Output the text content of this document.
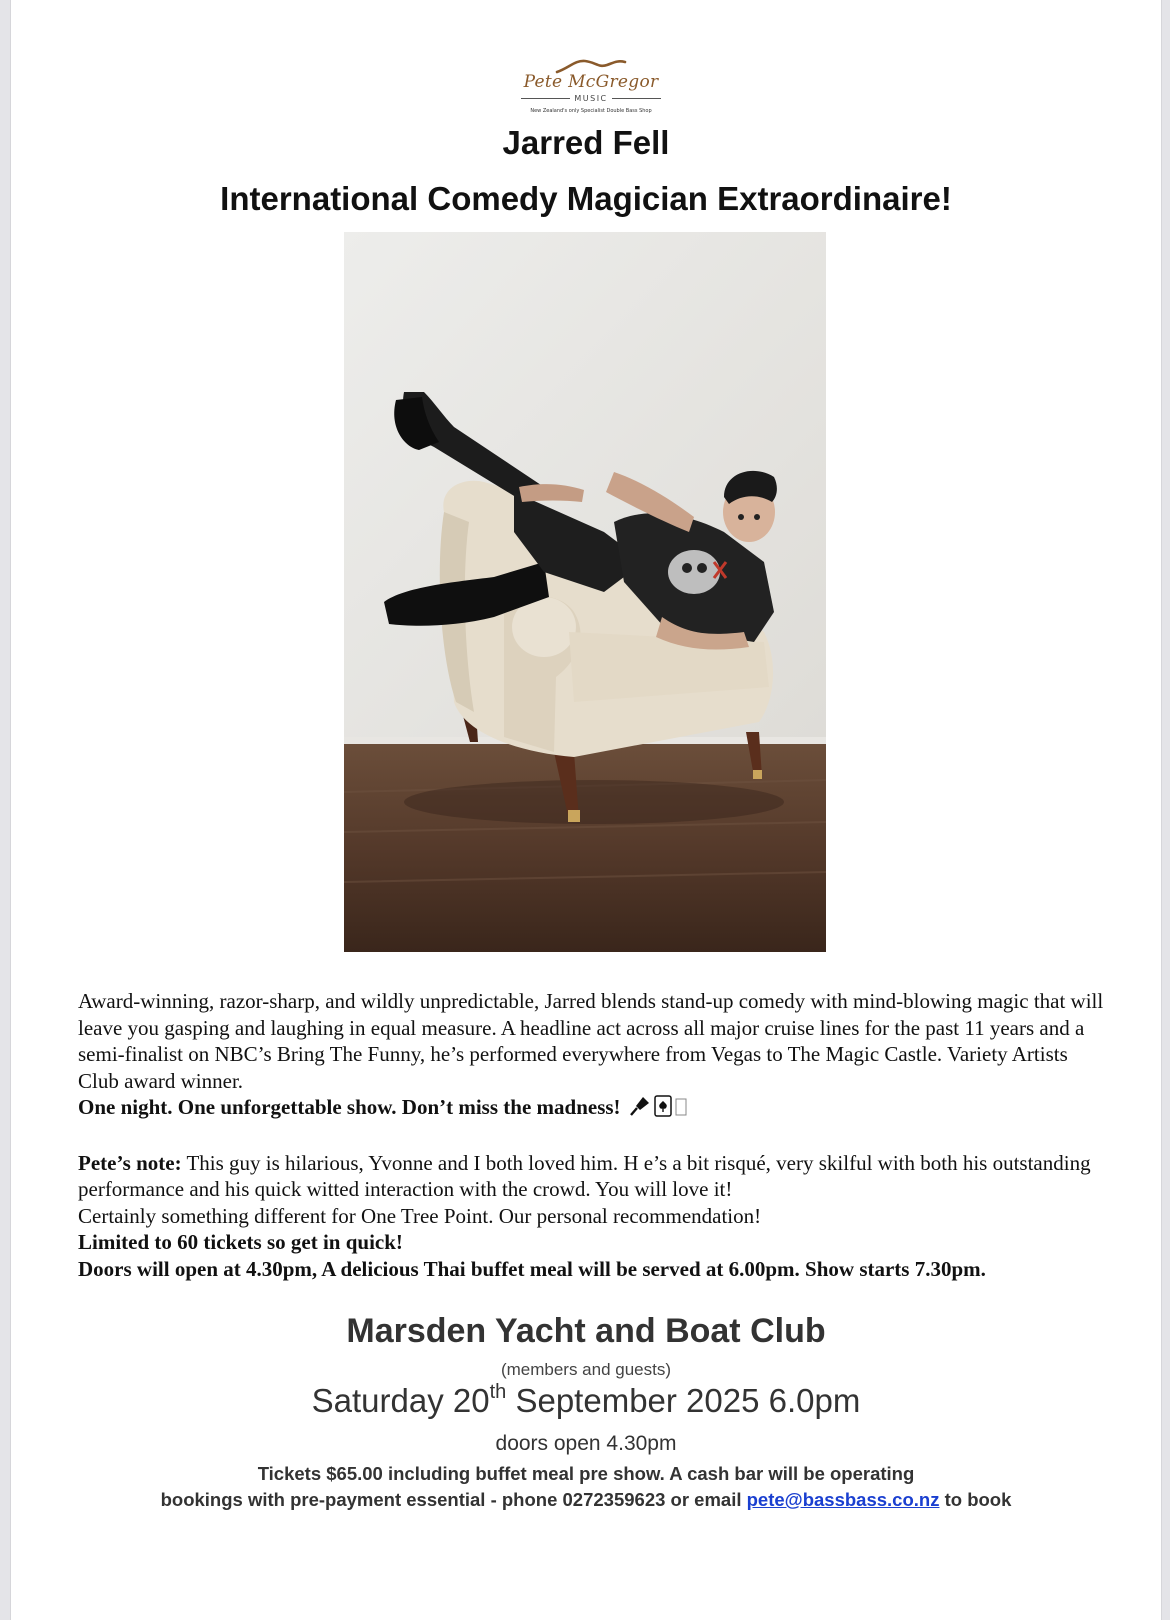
Pete McGregor
MUSIC
New Zealand's only Specialist Double Bass Shop
Jarred Fell
International Comedy Magician Extraordinaire!

Award-winning, razor-sharp, and wildly unpredictable, Jarred blends stand-up comedy with mind-blowing magic that will leave you gasping and laughing in equal measure. A headline act across all major cruise lines for the past 11 years and a semi-finalist on NBC’s Bring The Funny, he’s performed everywhere from Vegas to The Magic Castle. Variety Artists Club award winner.

One night. One unforgettable show. Don’t miss the madness!

Pete’s note: This guy is hilarious, Yvonne and I both loved him. H e’s a bit risqué, very skilful with both his outstanding performance and his quick witted interaction with the crowd. You will love it!

Certainly something different for One Tree Point. Our personal recommendation!

Limited to 60 tickets so get in quick!

Doors will open at 4.30pm, A delicious Thai buffet meal will be served at 6.00pm. Show starts 7.30pm.

Marsden Yacht and Boat Club
(members and guests)
Saturday 20th September 2025 6.0pm
doors open 4.30pm
Tickets $65.00 including buffet meal pre show. A cash bar will be operating
bookings with pre-payment essential - phone 0272359623 or email pete@bassbass.co.nz to book
